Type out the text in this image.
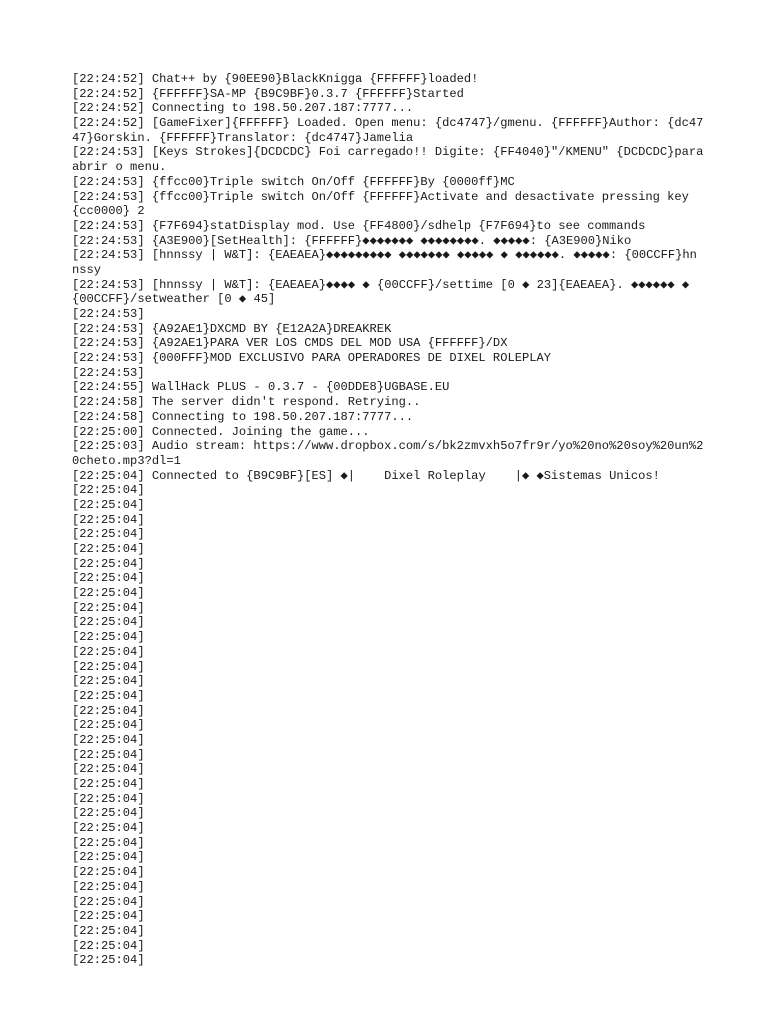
[22:24:52] Chat++ by {90EE90}BlackKnigga {FFFFFF}loaded!
[22:24:52] {FFFFFF}SA-MP {B9C9BF}0.3.7 {FFFFFF}Started
[22:24:52] Connecting to 198.50.207.187:7777...
[22:24:52] [GameFixer]{FFFFFF} Loaded. Open menu: {dc4747}/gmenu. {FFFFFF}Author: {dc4747}Gorskin. {FFFFFF}Translator: {dc4747}Jamelia
[22:24:53] [Keys Strokes]{DCDCDC} Foi carregado!! Digite: {FF4040}"/KMENU" {DCDCDC}para abrir o menu.
[22:24:53] {ffcc00}Triple switch On/Off {FFFFFF}By {0000ff}MC
[22:24:53] {ffcc00}Triple switch On/Off {FFFFFF}Activate and desactivate pressing key {cc0000} 2
[22:24:53] {F7F694}statDisplay mod. Use {FF4800}/sdhelp {F7F694}to see commands
[22:24:53] {A3E900}[SetHealth]: {FFFFFF}◆◆◆◆◆◆◆ ◆◆◆◆◆◆◆◆. ◆◆◆◆◆: {A3E900}Niko
[22:24:53] [hnnssy | W&T]: {EAEAEA}◆◆◆◆◆◆◆◆◆ ◆◆◆◆◆◆◆ ◆◆◆◆◆ ◆ ◆◆◆◆◆◆. ◆◆◆◆◆: {00CCFF}hnnssy
[22:24:53] [hnnssy | W&T]: {EAEAEA}◆◆◆◆ ◆ {00CCFF}/settime [0 ◆ 23]{EAEAEA}. ◆◆◆◆◆◆ ◆ {00CCFF}/setweather [0 ◆ 45]
[22:24:53]
[22:24:53] {A92AE1}DXCMD BY {E12A2A}DREAKREK
[22:24:53] {A92AE1}PARA VER LOS CMDS DEL MOD USA {FFFFFF}/DX
[22:24:53] {000FFF}MOD EXCLUSIVO PARA OPERADORES DE DIXEL ROLEPLAY
[22:24:53]
[22:24:55] WallHack PLUS - 0.3.7 - {00DDE8}UGBASE.EU
[22:24:58] The server didn't respond. Retrying..
[22:24:58] Connecting to 198.50.207.187:7777...
[22:25:00] Connected. Joining the game...
[22:25:03] Audio stream: https://www.dropbox.com/s/bk2zmvxh5o7fr9r/yo%20no%20soy%20un%20cheto.mp3?dl=1
[22:25:04] Connected to {B9C9BF}[ES] ◆|    Dixel Roleplay    |◆ ◆Sistemas Unicos!
[22:25:04]
[22:25:04]
[22:25:04]
[22:25:04]
[22:25:04]
[22:25:04]
[22:25:04]
[22:25:04]
[22:25:04]
[22:25:04]
[22:25:04]
[22:25:04]
[22:25:04]
[22:25:04]
[22:25:04]
[22:25:04]
[22:25:04]
[22:25:04]
[22:25:04]
[22:25:04]
[22:25:04]
[22:25:04]
[22:25:04]
[22:25:04]
[22:25:04]
[22:25:04]
[22:25:04]
[22:25:04]
[22:25:04]
[22:25:04]
[22:25:04]
[22:25:04]
[22:25:04]
